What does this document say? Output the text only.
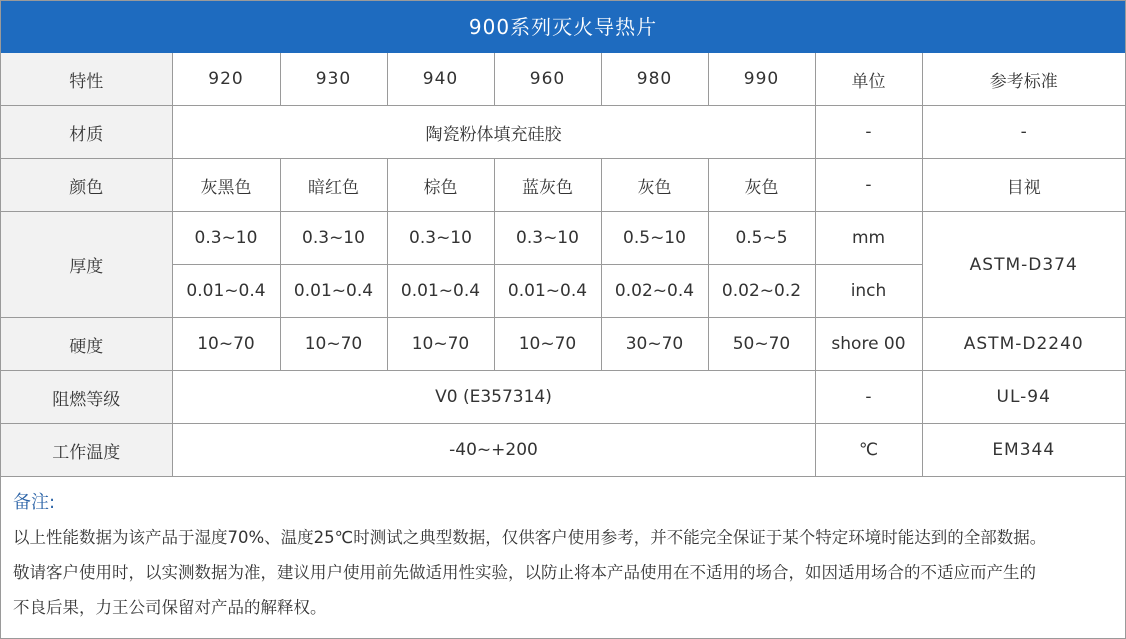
900系列灭火导热片
特性	920	930	940	960	980	990	单位	参考标准
材质	陶瓷粉体填充硅胶						-	-
颜色	灰黑色	暗红色	棕色	蓝灰色	灰色	灰色	-	目视
厚度	0.3~10	0.3~10	0.3~10	0.3~10	0.5~10	0.5~5	mm	ASTM-D374
	0.01~0.4	0.01~0.4	0.01~0.4	0.01~0.4	0.02~0.4	0.02~0.2	inch	
硬度	10~70	10~70	10~70	10~70	30~70	50~70	shore 00	ASTM-D2240
阻燃等级	V0 (E357314)						-	UL-94
工作温度	-40~+200						℃	EM344
备注:
以上性能数据为该产品于湿度70%、温度25℃时测试之典型数据，仅供客户使用参考，并不能完全保证于某个特定环境时能达到的全部数据。
敬请客户使用时，以实测数据为准，建议用户使用前先做适用性实验，以防止将本产品使用在不适用的场合，如因适用场合的不适应而产生的
不良后果，力王公司保留对产品的解释权。
